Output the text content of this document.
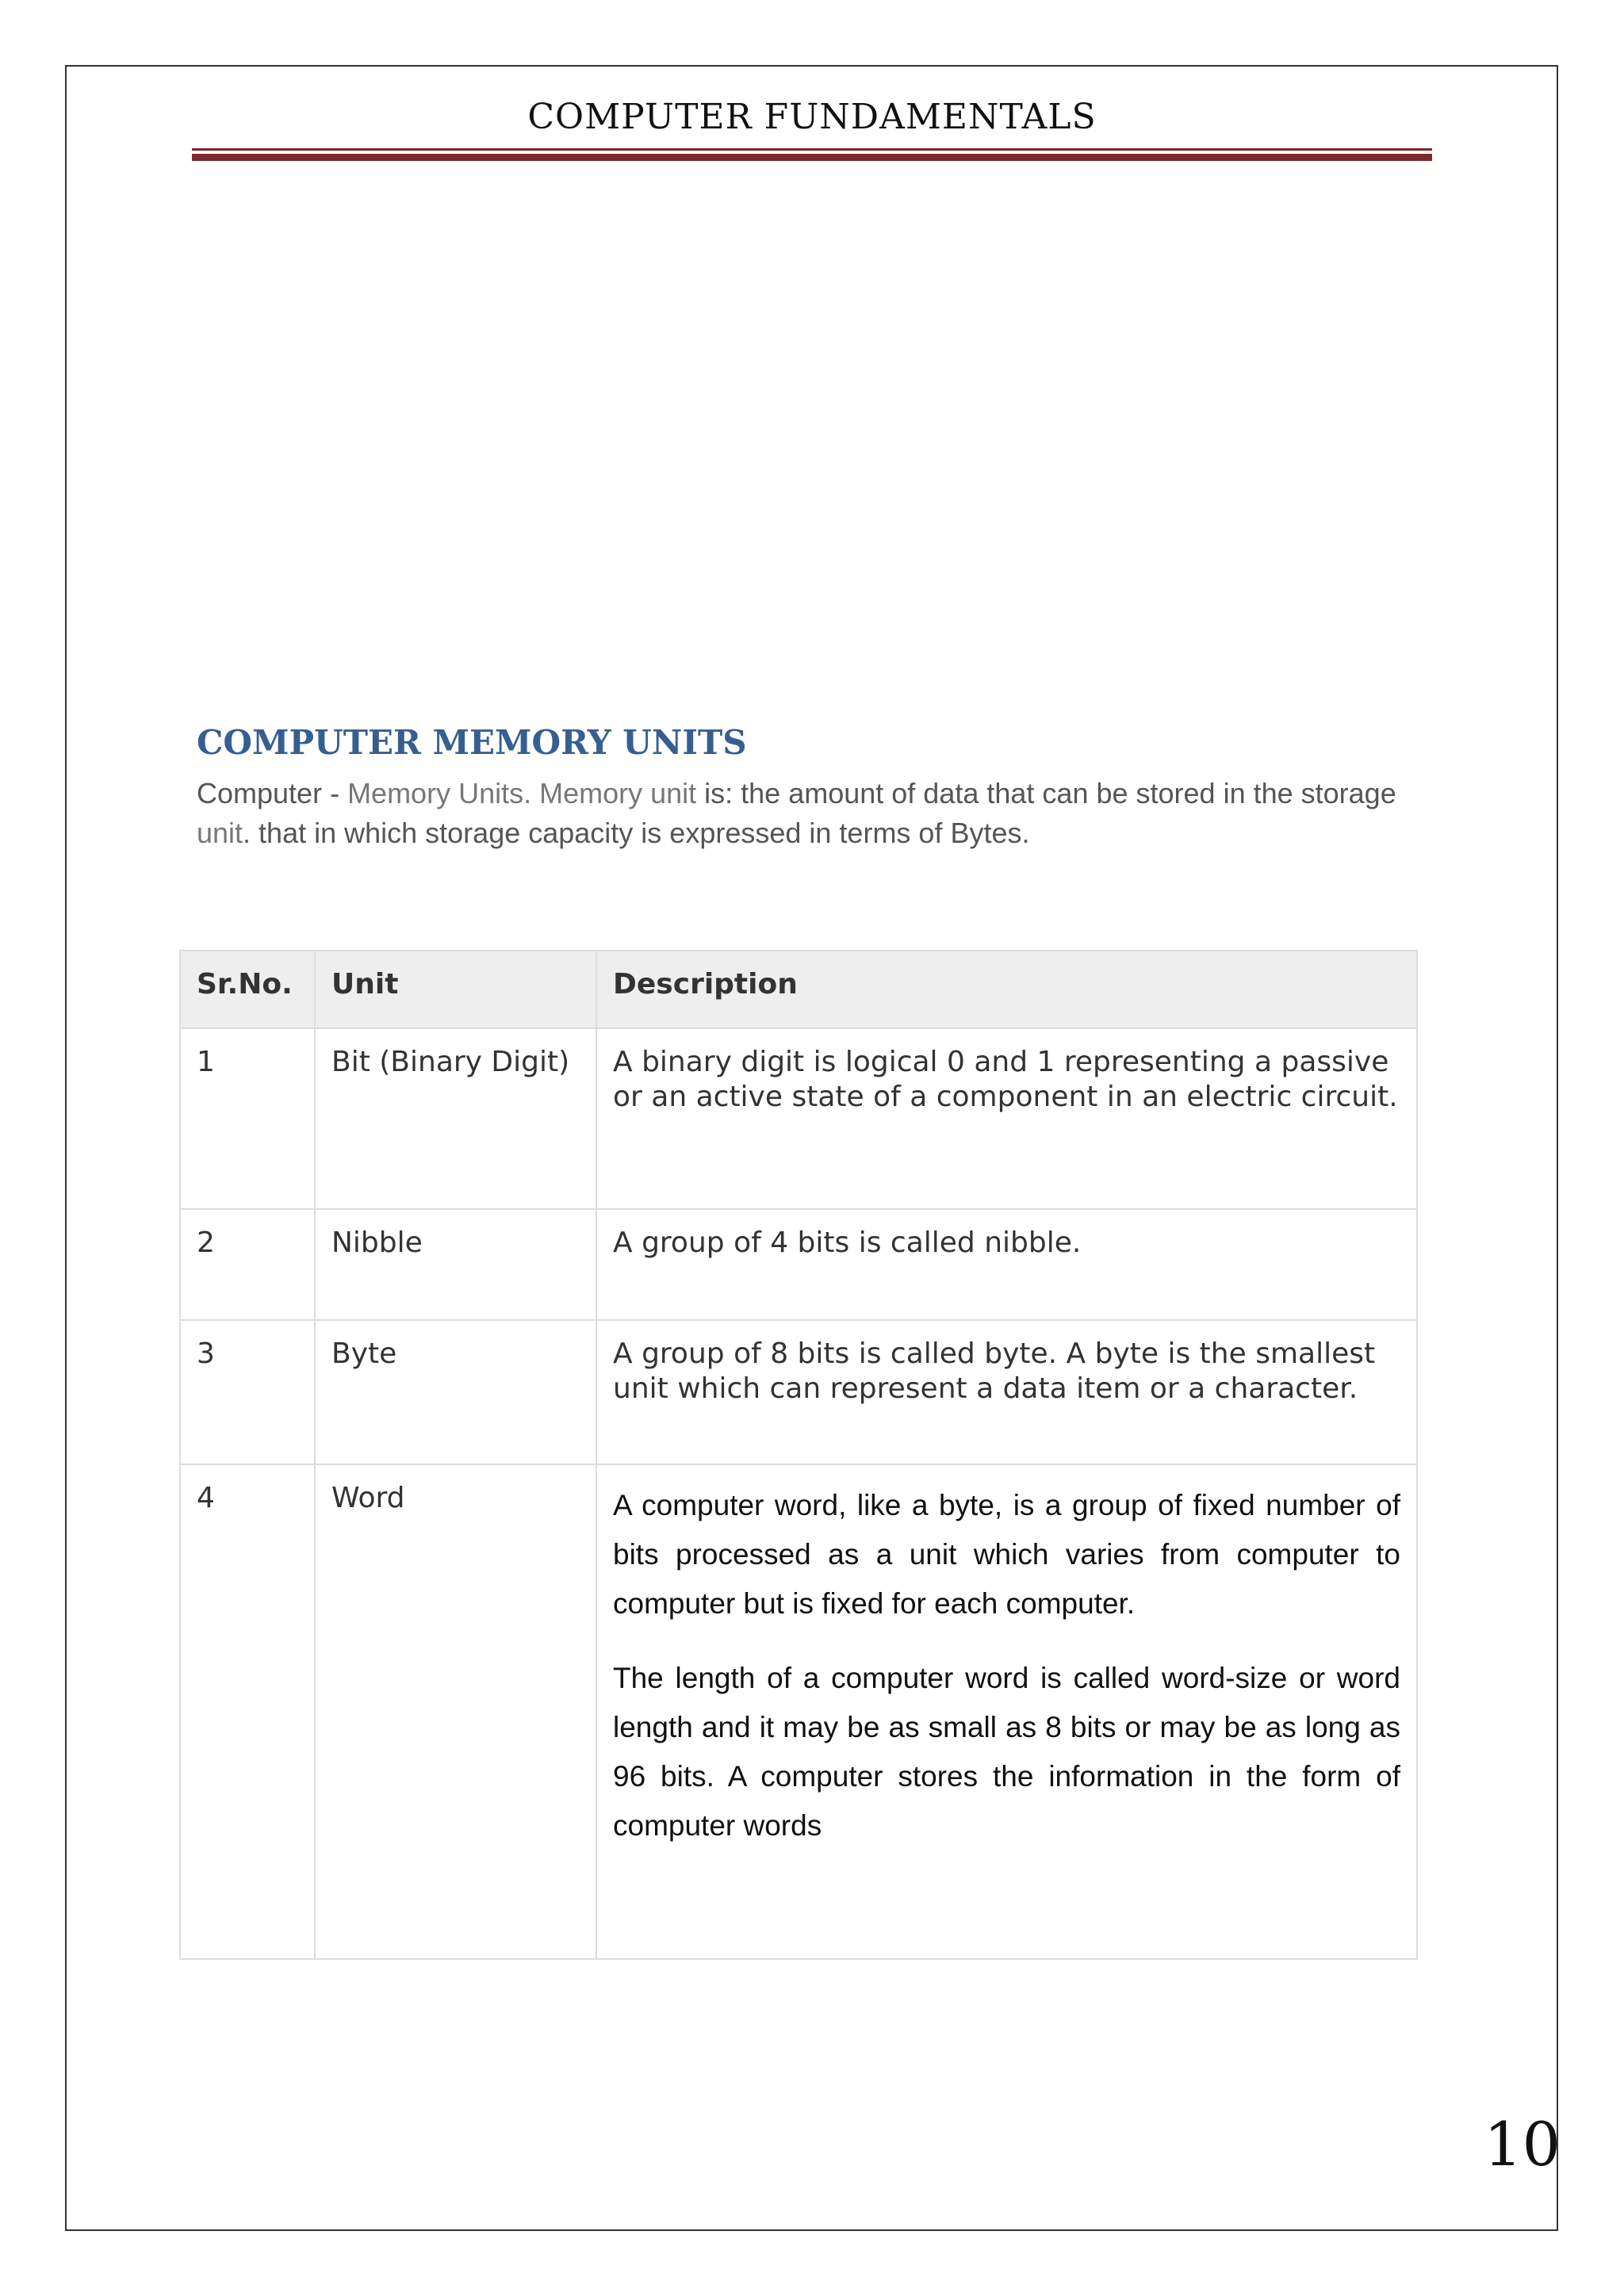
COMPUTER FUNDAMENTALS
COMPUTER MEMORY UNITS
Computer - Memory Units. Memory unit is: the amount of data that can be stored in the storage unit. that in which storage capacity is expressed in terms of Bytes.
Sr.No.	Unit	Description
1	Bit (Binary Digit)	A binary digit is logical 0 and 1 representing a passive or an active state of a component in an electric circuit.
2	Nibble	A group of 4 bits is called nibble.
3	Byte	A group of 8 bits is called byte. A byte is the smallest unit which can represent a data item or a character.
4	Word	A computer word, like a byte, is a group of fixed number of bits processed as a unit which varies from computer to computer but is fixed for each computer.

The length of a computer word is called word-size or word length and it may be as small as 8 bits or may be as long as 96 bits. A computer stores the information in the form of computer words

10
